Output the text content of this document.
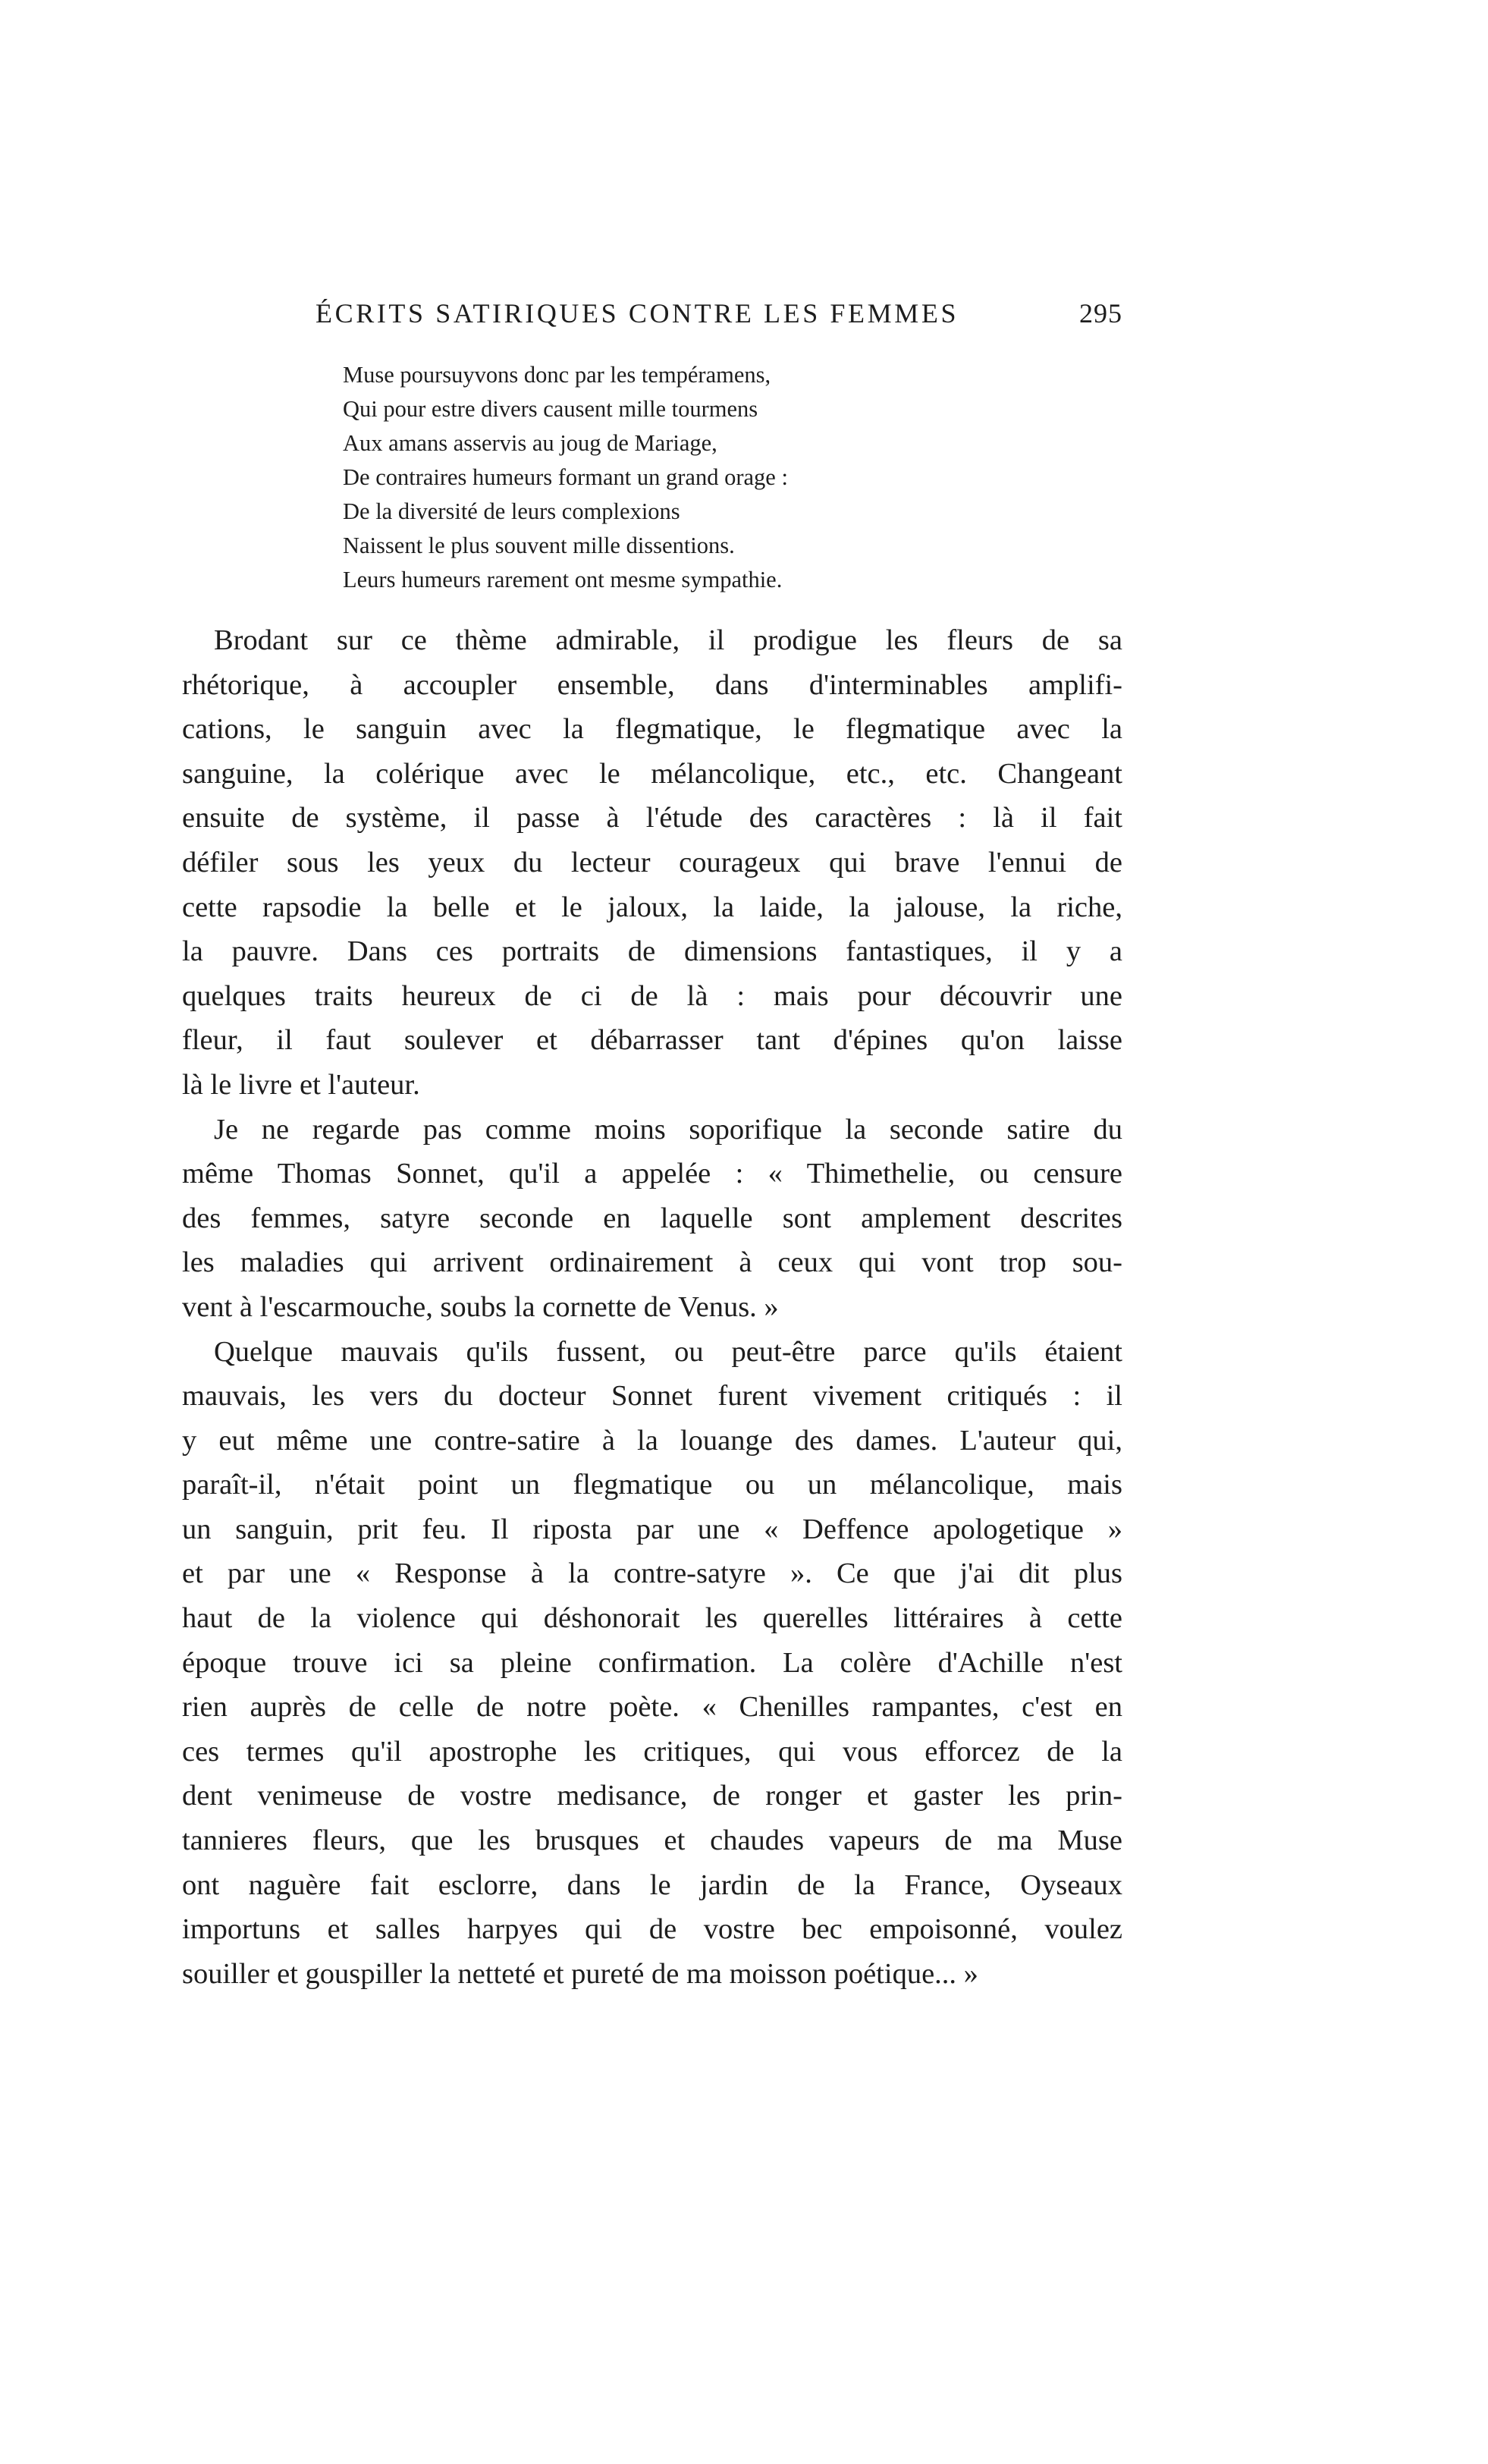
ÉCRITS SATIRIQUES CONTRE LES FEMMES	295
Muse poursuyvons donc par les tempéramens,
Qui pour estre divers causent mille tourmens
Aux amans asservis au joug de Mariage,
De contraires humeurs formant un grand orage :
De la diversité de leurs complexions
Naissent le plus souvent mille dissentions.
Leurs humeurs rarement ont mesme sympathie.
Brodant sur ce thème admirable, il prodigue les fleurs de sa
rhétorique, à accoupler ensemble, dans d'interminables amplifi-
cations, le sanguin avec la flegmatique, le flegmatique avec la
sanguine, la colérique avec le mélancolique, etc., etc. Changeant
ensuite de système, il passe à l'étude des caractères : là il fait
défiler sous les yeux du lecteur courageux qui brave l'ennui de
cette rapsodie la belle et le jaloux, la laide, la jalouse, la riche,
la pauvre. Dans ces portraits de dimensions fantastiques, il y a
quelques traits heureux de ci de là : mais pour découvrir une
fleur, il faut soulever et débarrasser tant d'épines qu'on laisse
là le livre et l'auteur.
Je ne regarde pas comme moins soporifique la seconde satire du
même Thomas Sonnet, qu'il a appelée : « Thimethelie, ou censure
des femmes, satyre seconde en laquelle sont amplement descrites
les maladies qui arrivent ordinairement à ceux qui vont trop sou-
vent à l'escarmouche, soubs la cornette de Venus. »
Quelque mauvais qu'ils fussent, ou peut-être parce qu'ils étaient
mauvais, les vers du docteur Sonnet furent vivement critiqués : il
y eut même une contre-satire à la louange des dames. L'auteur qui,
paraît-il, n'était point un flegmatique ou un mélancolique, mais
un sanguin, prit feu. Il riposta par une « Deffence apologetique »
et par une « Response à la contre-satyre ». Ce que j'ai dit plus
haut de la violence qui déshonorait les querelles littéraires à cette
époque trouve ici sa pleine confirmation. La colère d'Achille n'est
rien auprès de celle de notre poète. « Chenilles rampantes, c'est en
ces termes qu'il apostrophe les critiques, qui vous efforcez de la
dent venimeuse de vostre medisance, de ronger et gaster les prin-
tannieres fleurs, que les brusques et chaudes vapeurs de ma Muse
ont naguère fait esclorre, dans le jardin de la France, Oyseaux
importuns et salles harpyes qui de vostre bec empoisonné, voulez
souiller et gouspiller la netteté et pureté de ma moisson poétique... »
